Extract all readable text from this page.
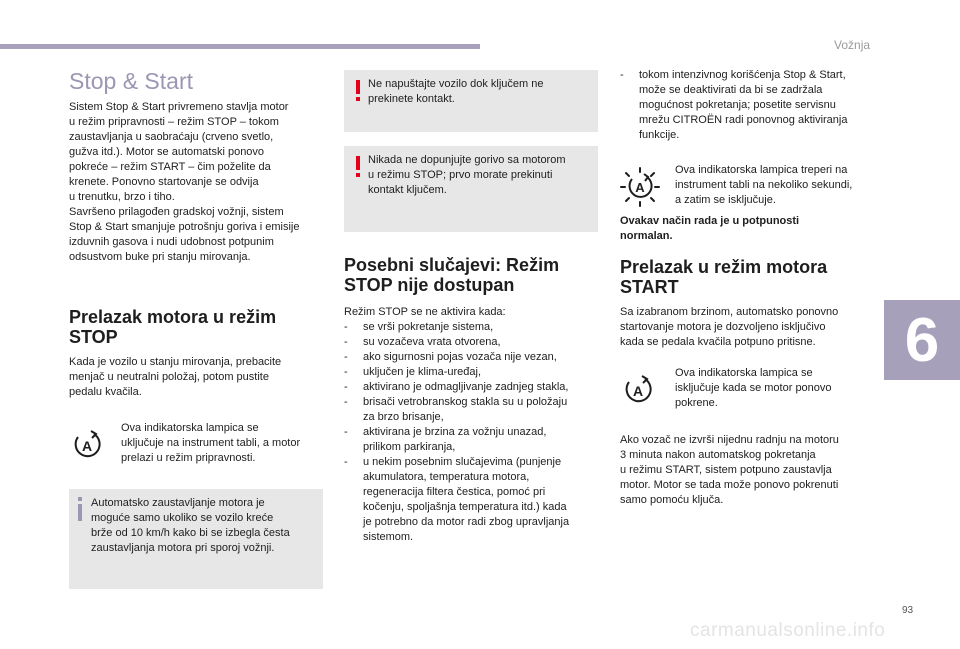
Vožnja
6
93
carmanualsonline.info
Stop & Start

Sistem Stop & Start privremeno stavlja motor

u režim pripravnosti – režim STOP – tokom

zaustavljanja u saobraćaju (crveno svetlo,

gužva itd.). Motor se automatski ponovo

pokreće – režim START – čim poželite da

krenete. Ponovno startovanje se odvija

u trenutku, brzo i tiho.

Savršeno prilagođen gradskoj vožnji, sistem

Stop & Start smanjuje potrošnju goriva i emisije

izduvnih gasova i nudi udobnost potpunim

odsustvom buke pri stanju mirovanja.

Prelazak motora u režim

STOP

Kada je vozilo u stanju mirovanja, prebacite

menjač u neutralni položaj, potom pustite

pedalu kvačila.

A

Ova indikatorska lampica se

uključuje na instrument tabli, a motor

prelazi u režim pripravnosti.

Automatsko zaustavljanje motora je

moguće samo ukoliko se vozilo kreće

brže od 10 km/h kako bi se izbegla česta

zaustavljanja motora pri sporoj vožnji.

Ne napuštajte vozilo dok ključem ne

prekinete kontakt.

Nikada ne dopunjujte gorivo sa motorom

u režimu STOP; prvo morate prekinuti

kontakt ključem.

Posebni slučajevi: Režim

STOP nije dostupan

Režim STOP se ne aktivira kada:

- se vrši pokretanje sistema,
- su vozačeva vrata otvorena,
- ako sigurnosni pojas vozača nije vezan,
- uključen je klima-uređaj,
- aktivirano je odmagljivanje zadnjeg stakla,
- brisači vetrobranskog stakla su u položaju
za brzo brisanje,
- aktivirana je brzina za vožnju unazad,
prilikom parkiranja,
- u nekim posebnim slučajevima (punjenje
akumulatora, temperatura motora,
regeneracija filtera čestica, pomoć pri
kočenju, spoljašnja temperatura itd.) kada
je potrebno da motor radi zbog upravljanja
sistemom.
- tokom intenzivnog korišćenja Stop & Start,
može se deaktivirati da bi se zadržala
mogućnost pokretanja; posetite servisnu
mrežu CITROËN radi ponovnog aktiviranja
funkcije.
A

Ova indikatorska lampica treperi na

instrument tabli na nekoliko sekundi,

a zatim se isključuje.

Ovakav način rada je u potpunosti

normalan.

Prelazak u režim motora

START

Sa izabranom brzinom, automatsko ponovno

startovanje motora je dozvoljeno isključivo

kada se pedala kvačila potpuno pritisne.

A

Ova indikatorska lampica se

isključuje kada se motor ponovo

pokrene.

Ako vozač ne izvrši nijednu radnju na motoru

3 minuta nakon automatskog pokretanja

u režimu START, sistem potpuno zaustavlja

motor. Motor se tada može ponovo pokrenuti

samo pomoću ključa.
